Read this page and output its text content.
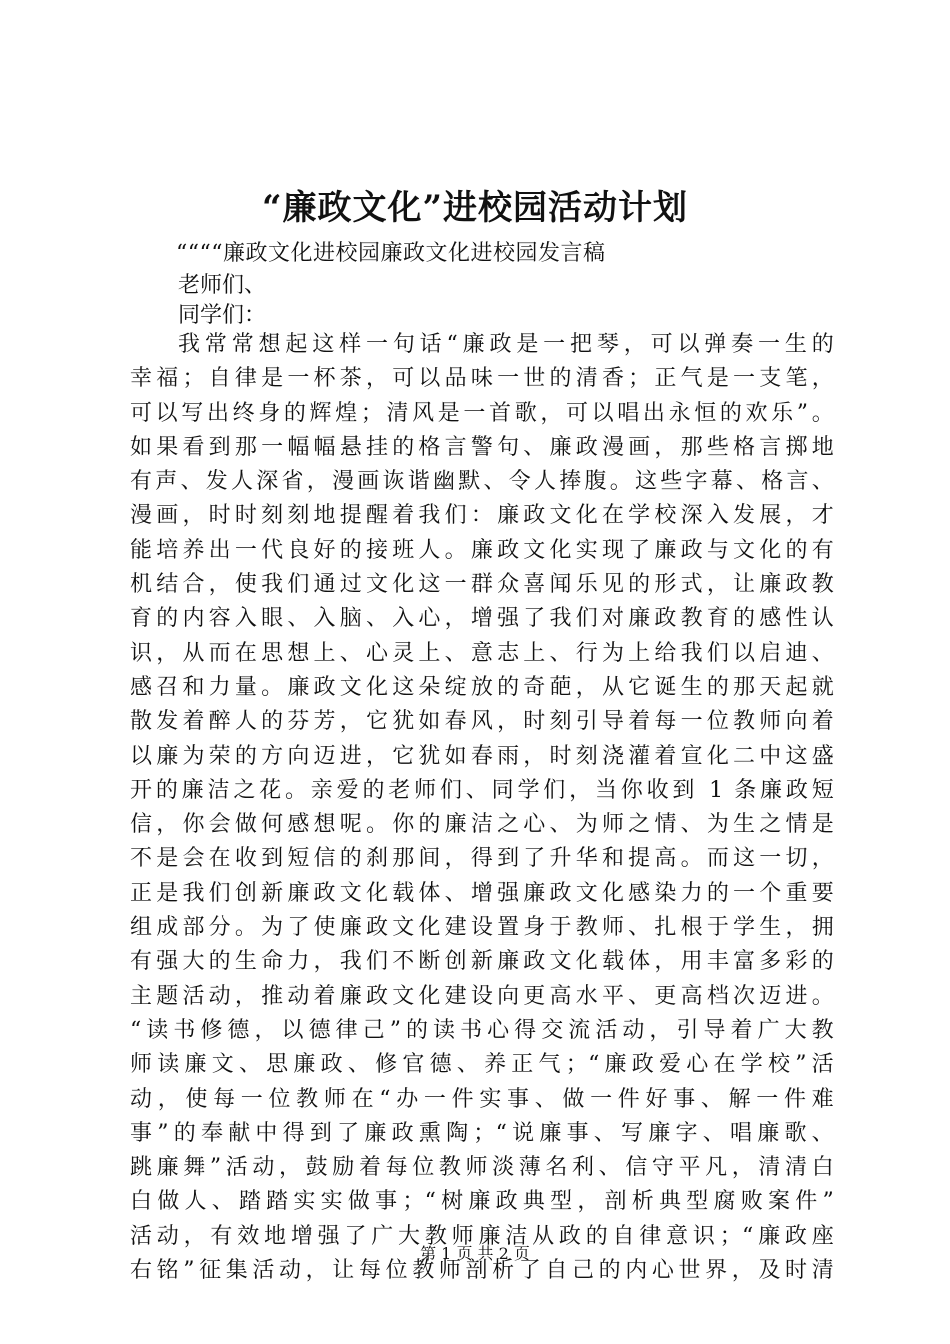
“廉政文化”进校园活动计划
““““廉政文化进校园廉政文化进校园发言稿
老师们、
同学们：
我常常想起这样一句话“廉政是一把琴，可以弹奏一生的
幸福；自律是一杯茶，可以品味一世的清香；正气是一支笔，
可以写出终身的辉煌；清风是一首歌，可以唱出永恒的欢乐”。
如果看到那一幅幅悬挂的格言警句、廉政漫画，那些格言掷地
有声、发人深省，漫画诙谐幽默、令人捧腹。这些字幕、格言、
漫画，时时刻刻地提醒着我们：廉政文化在学校深入发展，才
能培养出一代良好的接班人。廉政文化实现了廉政与文化的有
机结合，使我们通过文化这一群众喜闻乐见的形式，让廉政教
育的内容入眼、入脑、入心，增强了我们对廉政教育的感性认
识，从而在思想上、心灵上、意志上、行为上给我们以启迪、
感召和力量。廉政文化这朵绽放的奇葩，从它诞生的那天起就
散发着醉人的芬芳，它犹如春风，时刻引导着每一位教师向着
以廉为荣的方向迈进，它犹如春雨，时刻浇灌着宣化二中这盛
开的廉洁之花。亲爱的老师们、同学们，当你收到 1 条廉政短
信，你会做何感想呢。你的廉洁之心、为师之情、为生之情是
不是会在收到短信的刹那间，得到了升华和提高。而这一切，
正是我们创新廉政文化载体、增强廉政文化感染力的一个重要
组成部分。为了使廉政文化建设置身于教师、扎根于学生，拥
有强大的生命力，我们不断创新廉政文化载体，用丰富多彩的
主题活动，推动着廉政文化建设向更高水平、更高档次迈进。
“读书修德，以德律己”的读书心得交流活动，引导着广大教
师读廉文、思廉政、修官德、养正气；“廉政爱心在学校”活
动，使每一位教师在“办一件实事、做一件好事、解一件难
事”的奉献中得到了廉政熏陶；“说廉事、写廉字、唱廉歌、
跳廉舞”活动，鼓励着每位教师淡薄名利、信守平凡，清清白
白做人、踏踏实实做事；“树廉政典型，剖析典型腐败案件”
活动，有效地增强了广大教师廉洁从政的自律意识；“廉政座
右铭”征集活动，让每位教师剖析了自己的内心世界，及时清
第 1 页 共 2 页
